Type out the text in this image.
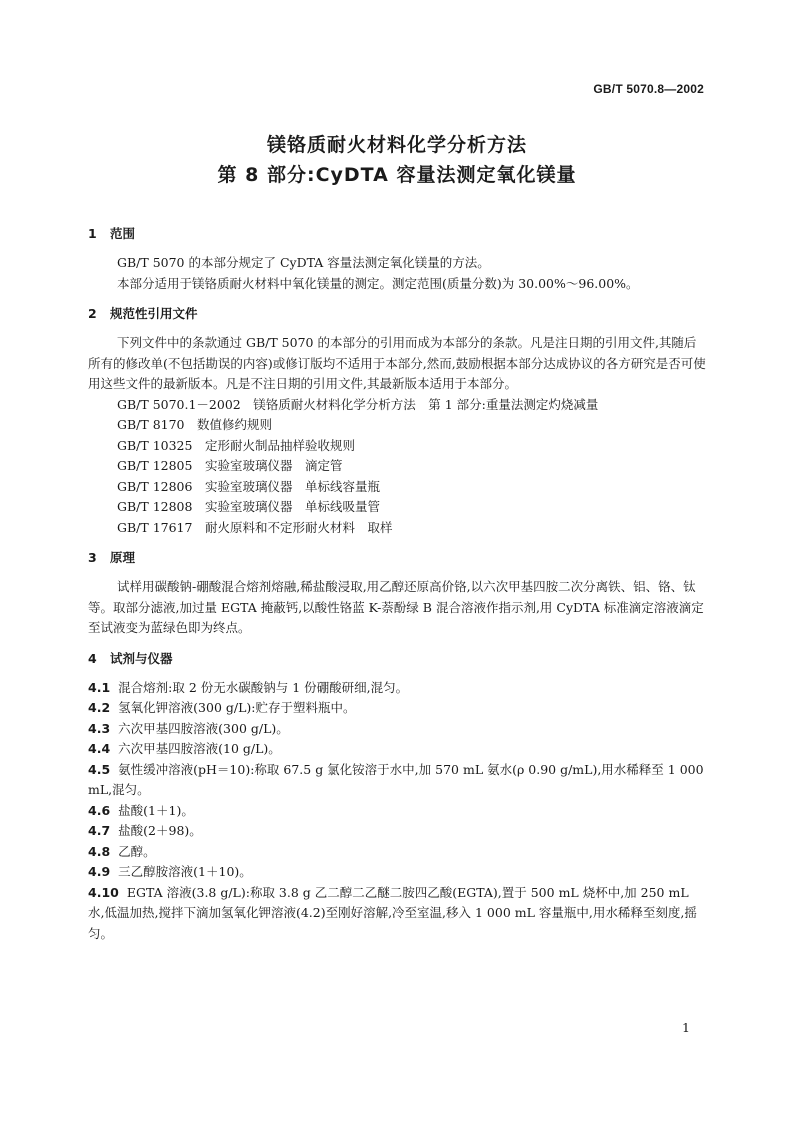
GB/T 5070.8—2002
镁铬质耐火材料化学分析方法
第 8 部分:CyDTA 容量法测定氧化镁量
1	范围

GB/T 5070 的本部分规定了 CyDTA 容量法测定氧化镁量的方法。

本部分适用于镁铬质耐火材料中氧化镁量的测定。测定范围(质量分数)为 30.00%～96.00%。

2	规范性引用文件

下列文件中的条款通过 GB/T 5070 的本部分的引用而成为本部分的条款。凡是注日期的引用文件,其随后所有的修改单(不包括勘误的内容)或修订版均不适用于本部分,然而,鼓励根据本部分达成协议的各方研究是否可使用这些文件的最新版本。凡是不注日期的引用文件,其最新版本适用于本部分。

GB/T 5070.1－2002　镁铬质耐火材料化学分析方法　第 1 部分:重量法测定灼烧减量

GB/T 8170　数值修约规则

GB/T 10325　定形耐火制品抽样验收规则

GB/T 12805　实验室玻璃仪器　滴定管

GB/T 12806　实验室玻璃仪器　单标线容量瓶

GB/T 12808　实验室玻璃仪器　单标线吸量管

GB/T 17617　耐火原料和不定形耐火材料　取样

3	原理

试样用碳酸钠-硼酸混合熔剂熔融,稀盐酸浸取,用乙醇还原高价铬,以六次甲基四胺二次分离铁、铝、铬、钛等。取部分滤液,加过量 EGTA 掩蔽钙,以酸性铬蓝 K-萘酚绿 B 混合溶液作指示剂,用 CyDTA 标准滴定溶液滴定至试液变为蓝绿色即为终点。

4	试剂与仪器

4.1 混合熔剂:取 2 份无水碳酸钠与 1 份硼酸研细,混匀。

4.2 氢氧化钾溶液(300 g/L):贮存于塑料瓶中。

4.3 六次甲基四胺溶液(300 g/L)。

4.4 六次甲基四胺溶液(10 g/L)。

4.5 氨性缓冲溶液(pH＝10):称取 67.5 g 氯化铵溶于水中,加 570 mL 氨水(ρ 0.90 g/mL),用水稀释至 1 000 mL,混匀。

4.6 盐酸(1＋1)。

4.7 盐酸(2＋98)。

4.8 乙醇。

4.9 三乙醇胺溶液(1＋10)。

4.10 EGTA 溶液(3.8 g/L):称取 3.8 g 乙二醇二乙醚二胺四乙酸(EGTA),置于 500 mL 烧杯中,加 250 mL 水,低温加热,搅拌下滴加氢氧化钾溶液(4.2)至刚好溶解,冷至室温,移入 1 000 mL 容量瓶中,用水稀释至刻度,摇匀。

1
